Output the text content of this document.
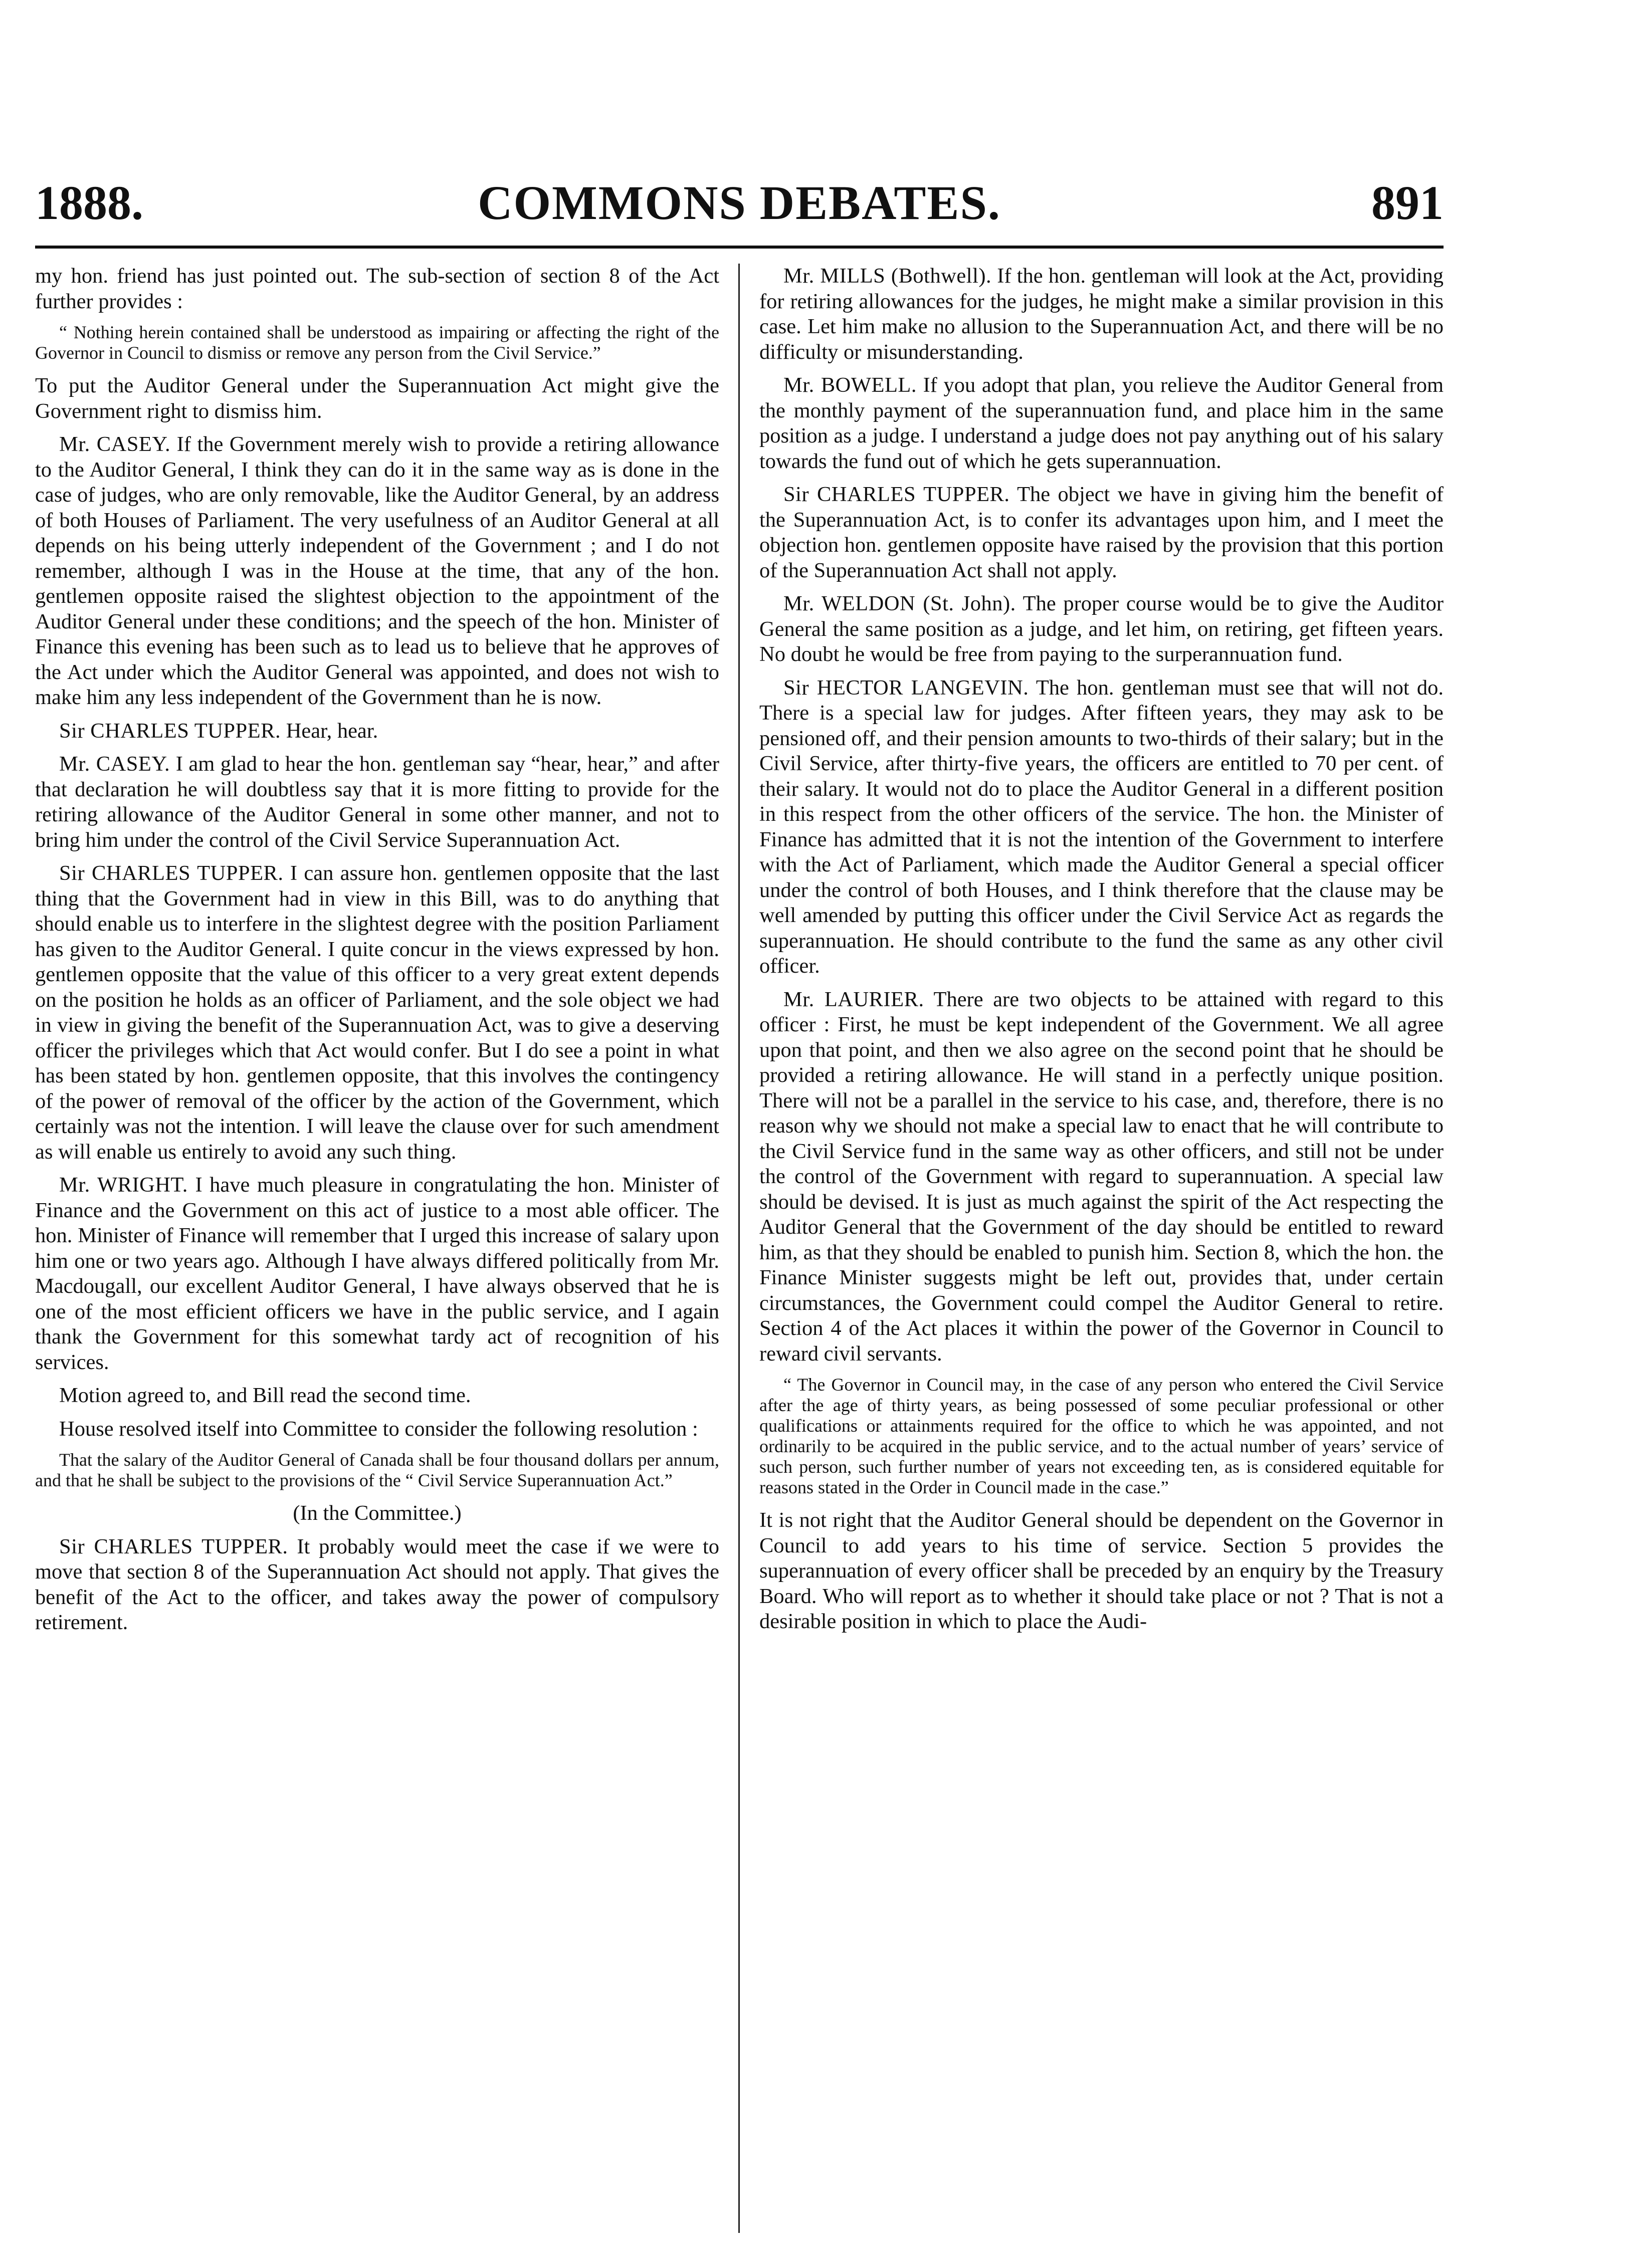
1888.	COMMONS DEBATES.	891

my hon. friend has just pointed out. The sub-section of section 8 of the Act further provides :

“ Nothing herein contained shall be understood as impairing or affecting the right of the Governor in Council to dismiss or remove any person from the Civil Service.”

To put the Auditor General under the Superannuation Act might give the Government right to dismiss him.

Mr. CASEY. If the Government merely wish to provide a retiring allowance to the Auditor General, I think they can do it in the same way as is done in the case of judges, who are only removable, like the Auditor General, by an address of both Houses of Parliament. The very usefulness of an Auditor General at all depends on his being utterly independent of the Government ; and I do not remember, although I was in the House at the time, that any of the hon. gentlemen opposite raised the slightest objection to the appointment of the Auditor General under these conditions; and the speech of the hon. Minister of Finance this evening has been such as to lead us to believe that he approves of the Act under which the Auditor General was appointed, and does not wish to make him any less independent of the Government than he is now.

Sir CHARLES TUPPER. Hear, hear.

Mr. CASEY. I am glad to hear the hon. gentleman say “hear, hear,” and after that declaration he will doubtless say that it is more fitting to provide for the retiring allowance of the Auditor General in some other manner, and not to bring him under the control of the Civil Service Superannuation Act.

Sir CHARLES TUPPER. I can assure hon. gentlemen opposite that the last thing that the Government had in view in this Bill, was to do anything that should enable us to interfere in the slightest degree with the position Parliament has given to the Auditor General. I quite concur in the views expressed by hon. gentlemen opposite that the value of this officer to a very great extent depends on the position he holds as an officer of Parliament, and the sole object we had in view in giving the benefit of the Superannuation Act, was to give a deserving officer the privileges which that Act would confer. But I do see a point in what has been stated by hon. gentlemen opposite, that this involves the contingency of the power of removal of the officer by the action of the Government, which certainly was not the intention. I will leave the clause over for such amendment as will enable us entirely to avoid any such thing.

Mr. WRIGHT. I have much pleasure in congratulating the hon. Minister of Finance and the Government on this act of justice to a most able officer. The hon. Minister of Finance will remember that I urged this increase of salary upon him one or two years ago. Although I have always differed politically from Mr. Macdougall, our excellent Auditor General, I have always observed that he is one of the most efficient officers we have in the public service, and I again thank the Government for this somewhat tardy act of recognition of his services.

Motion agreed to, and Bill read the second time.

House resolved itself into Committee to consider the following resolution :

That the salary of the Auditor General of Canada shall be four thousand dollars per annum, and that he shall be subject to the provisions of the “ Civil Service Superannuation Act.”

(In the Committee.)

Sir CHARLES TUPPER. It probably would meet the case if we were to move that section 8 of the Superannuation Act should not apply. That gives the benefit of the Act to the officer, and takes away the power of compulsory retirement.

Mr. MILLS (Bothwell). If the hon. gentleman will look at the Act, providing for retiring allowances for the judges, he might make a similar provision in this case. Let him make no allusion to the Superannuation Act, and there will be no difficulty or misunderstanding.

Mr. BOWELL. If you adopt that plan, you relieve the Auditor General from the monthly payment of the superannuation fund, and place him in the same position as a judge. I understand a judge does not pay anything out of his salary towards the fund out of which he gets superannuation.

Sir CHARLES TUPPER. The object we have in giving him the benefit of the Superannuation Act, is to confer its advantages upon him, and I meet the objection hon. gentlemen opposite have raised by the provision that this portion of the Superannuation Act shall not apply.

Mr. WELDON (St. John). The proper course would be to give the Auditor General the same position as a judge, and let him, on retiring, get fifteen years. No doubt he would be free from paying to the surperannuation fund.

Sir HECTOR LANGEVIN. The hon. gentleman must see that will not do. There is a special law for judges. After fifteen years, they may ask to be pensioned off, and their pension amounts to two-thirds of their salary; but in the Civil Service, after thirty-five years, the officers are entitled to 70 per cent. of their salary. It would not do to place the Auditor General in a different position in this respect from the other officers of the service. The hon. the Minister of Finance has admitted that it is not the intention of the Government to interfere with the Act of Parliament, which made the Auditor General a special officer under the control of both Houses, and I think therefore that the clause may be well amended by putting this officer under the Civil Service Act as regards the superannuation. He should contribute to the fund the same as any other civil officer.

Mr. LAURIER. There are two objects to be attained with regard to this officer : First, he must be kept independent of the Government. We all agree upon that point, and then we also agree on the second point that he should be provided a retiring allowance. He will stand in a perfectly unique position. There will not be a parallel in the service to his case, and, therefore, there is no reason why we should not make a special law to enact that he will contribute to the Civil Service fund in the same way as other officers, and still not be under the control of the Government with regard to superannuation. A special law should be devised. It is just as much against the spirit of the Act respecting the Auditor General that the Government of the day should be entitled to reward him, as that they should be enabled to punish him. Section 8, which the hon. the Finance Minister suggests might be left out, provides that, under certain circumstances, the Government could compel the Auditor General to retire. Section 4 of the Act places it within the power of the Governor in Council to reward civil servants.

“ The Governor in Council may, in the case of any person who entered the Civil Service after the age of thirty years, as being possessed of some peculiar professional or other qualifications or attainments required for the office to which he was appointed, and not ordinarily to be acquired in the public service, and to the actual number of years’ service of such person, such further number of years not exceeding ten, as is considered equitable for reasons stated in the Order in Council made in the case.”

It is not right that the Auditor General should be dependent on the Governor in Council to add years to his time of service. Section 5 provides the superannuation of every officer shall be preceded by an enquiry by the Treasury Board. Who will report as to whether it should take place or not ? That is not a desirable position in which to place the Audi-
